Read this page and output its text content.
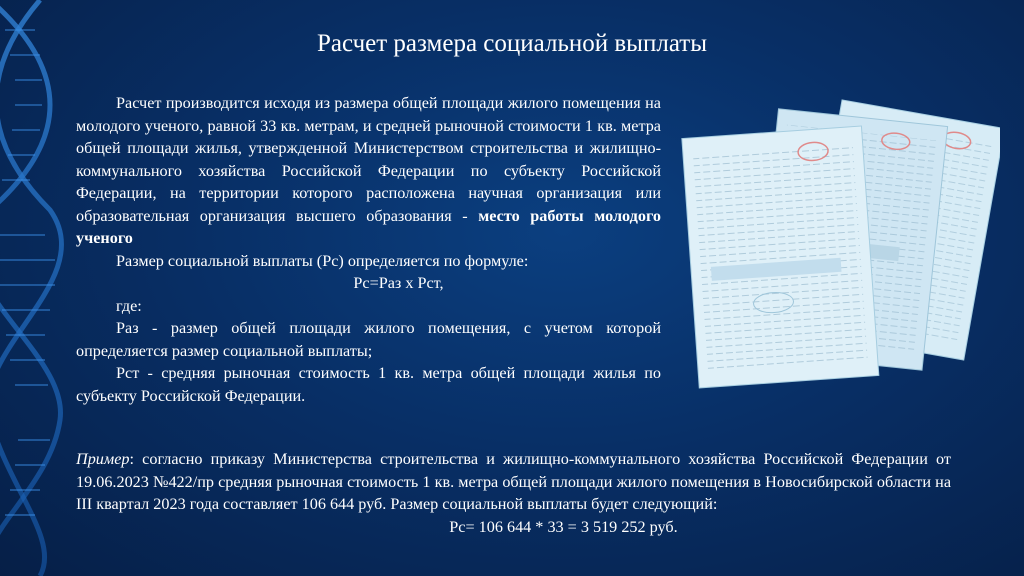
Расчет размера социальной выплаты

Расчет производится исходя из размера общей площади жилого помещения на молодого ученого, равной 33 кв. метрам, и средней рыночной стоимости 1 кв. метра общей площади жилья, утвержденной Министерством строительства и жилищно-коммунального хозяйства Российской Федерации по субъекту Российской Федерации, на территории которого расположена научная организация или образовательная организация высшего образования - место работы молодого ученого

Размер социальной выплаты (Рс) определяется по формуле:

Рс=Раз х Рст,

где:

Раз - размер общей площади жилого помещения, с учетом которой определяется размер социальной выплаты;

Рст - средняя рыночная стоимость 1 кв. метра общей площади жилья по субъекту Российской Федерации.

Пример: согласно приказу Министерства строительства и жилищно-коммунального хозяйства Российской Федерации от 19.06.2023 №422/пр средняя рыночная стоимость 1 кв. метра общей площади жилого помещения в Новосибирской области на III квартал 2023 года составляет 106 644 руб. Размер социальной выплаты будет следующий:

Рс= 106 644 * 33 = 3 519 252 руб.
